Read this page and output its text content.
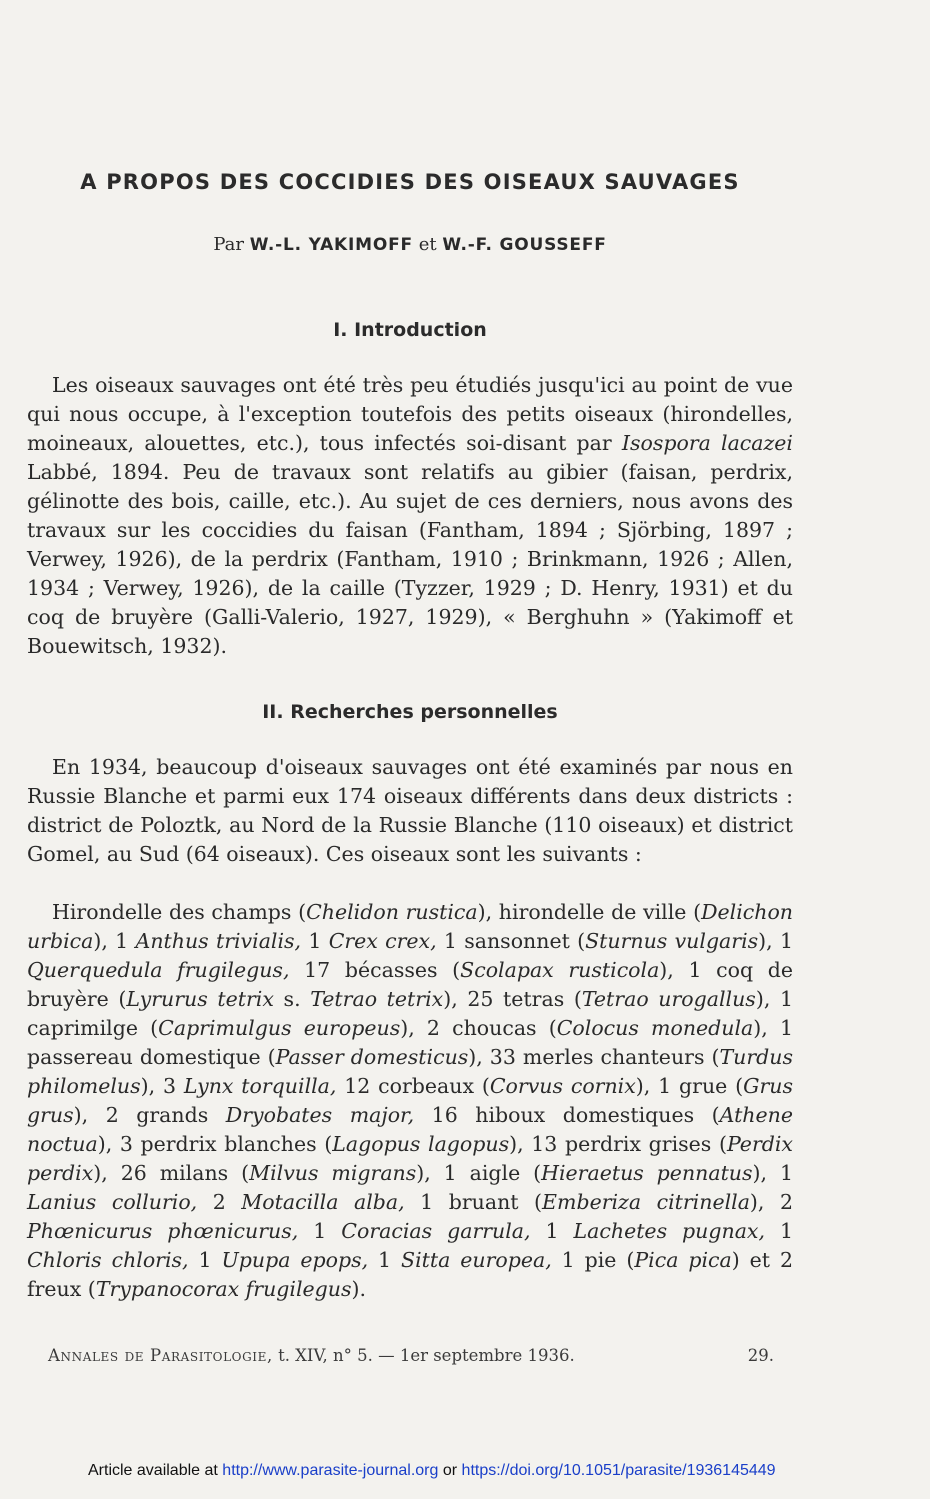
A PROPOS DES COCCIDIES DES OISEAUX SAUVAGES
Par W.-L. YAKIMOFF et W.-F. GOUSSEFF
I. Introduction

Les oiseaux sauvages ont été très peu étudiés jusqu'ici au point de vue qui nous occupe, à l'exception toutefois des petits oiseaux (hirondelles, moineaux, alouettes, etc.), tous infectés soi-disant par Isospora lacazei Labbé, 1894. Peu de travaux sont relatifs au gibier (faisan, perdrix, gélinotte des bois, caille, etc.). Au sujet de ces derniers, nous avons des travaux sur les coccidies du faisan (Fantham, 1894 ; Sjörbing, 1897 ; Verwey, 1926), de la perdrix (Fantham, 1910 ; Brinkmann, 1926 ; Allen, 1934 ; Verwey, 1926), de la caille (Tyzzer, 1929 ; D. Henry, 1931) et du coq de bruyère (Galli-Valerio, 1927, 1929), « Berghuhn » (Yakimoff et Bouewitsch, 1932).

II. Recherches personnelles

En 1934, beaucoup d'oiseaux sauvages ont été examinés par nous en Russie Blanche et parmi eux 174 oiseaux différents dans deux districts : district de Poloztk, au Nord de la Russie Blanche (110 oiseaux) et district Gomel, au Sud (64 oiseaux). Ces oiseaux sont les suivants :

Hirondelle des champs (Chelidon rustica), hirondelle de ville (Delichon urbica), 1 Anthus trivialis, 1 Crex crex, 1 sansonnet (Sturnus vulgaris), 1 Querquedula frugilegus, 17 bécasses (Scolapax rusticola), 1 coq de bruyère (Lyrurus tetrix s. Tetrao tetrix), 25 tetras (Tetrao urogallus), 1 caprimilge (Caprimulgus europeus), 2 choucas (Colocus monedula), 1 passereau domestique (Passer domesticus), 33 merles chanteurs (Turdus philomelus), 3 Lynx torquilla, 12 corbeaux (Corvus cornix), 1 grue (Grus grus), 2 grands Dryobates major, 16 hiboux domestiques (Athene noctua), 3 perdrix blanches (Lagopus lagopus), 13 perdrix grises (Perdix perdix), 26 milans (Milvus migrans), 1 aigle (Hieraetus pennatus), 1 Lanius collurio, 2 Motacilla alba, 1 bruant (Emberiza citrinella), 2 Phœnicurus phœnicurus, 1 Coracias garrula, 1 Lachetes pugnax, 1 Chloris chloris, 1 Upupa epops, 1 Sitta europea, 1 pie (Pica pica) et 2 freux (Trypanocorax frugilegus).

Annales de Parasitologie, t. XIV, n° 5. — 1er septembre 1936.	29.
Article available at http://www.parasite-journal.org or https://doi.org/10.1051/parasite/1936145449
